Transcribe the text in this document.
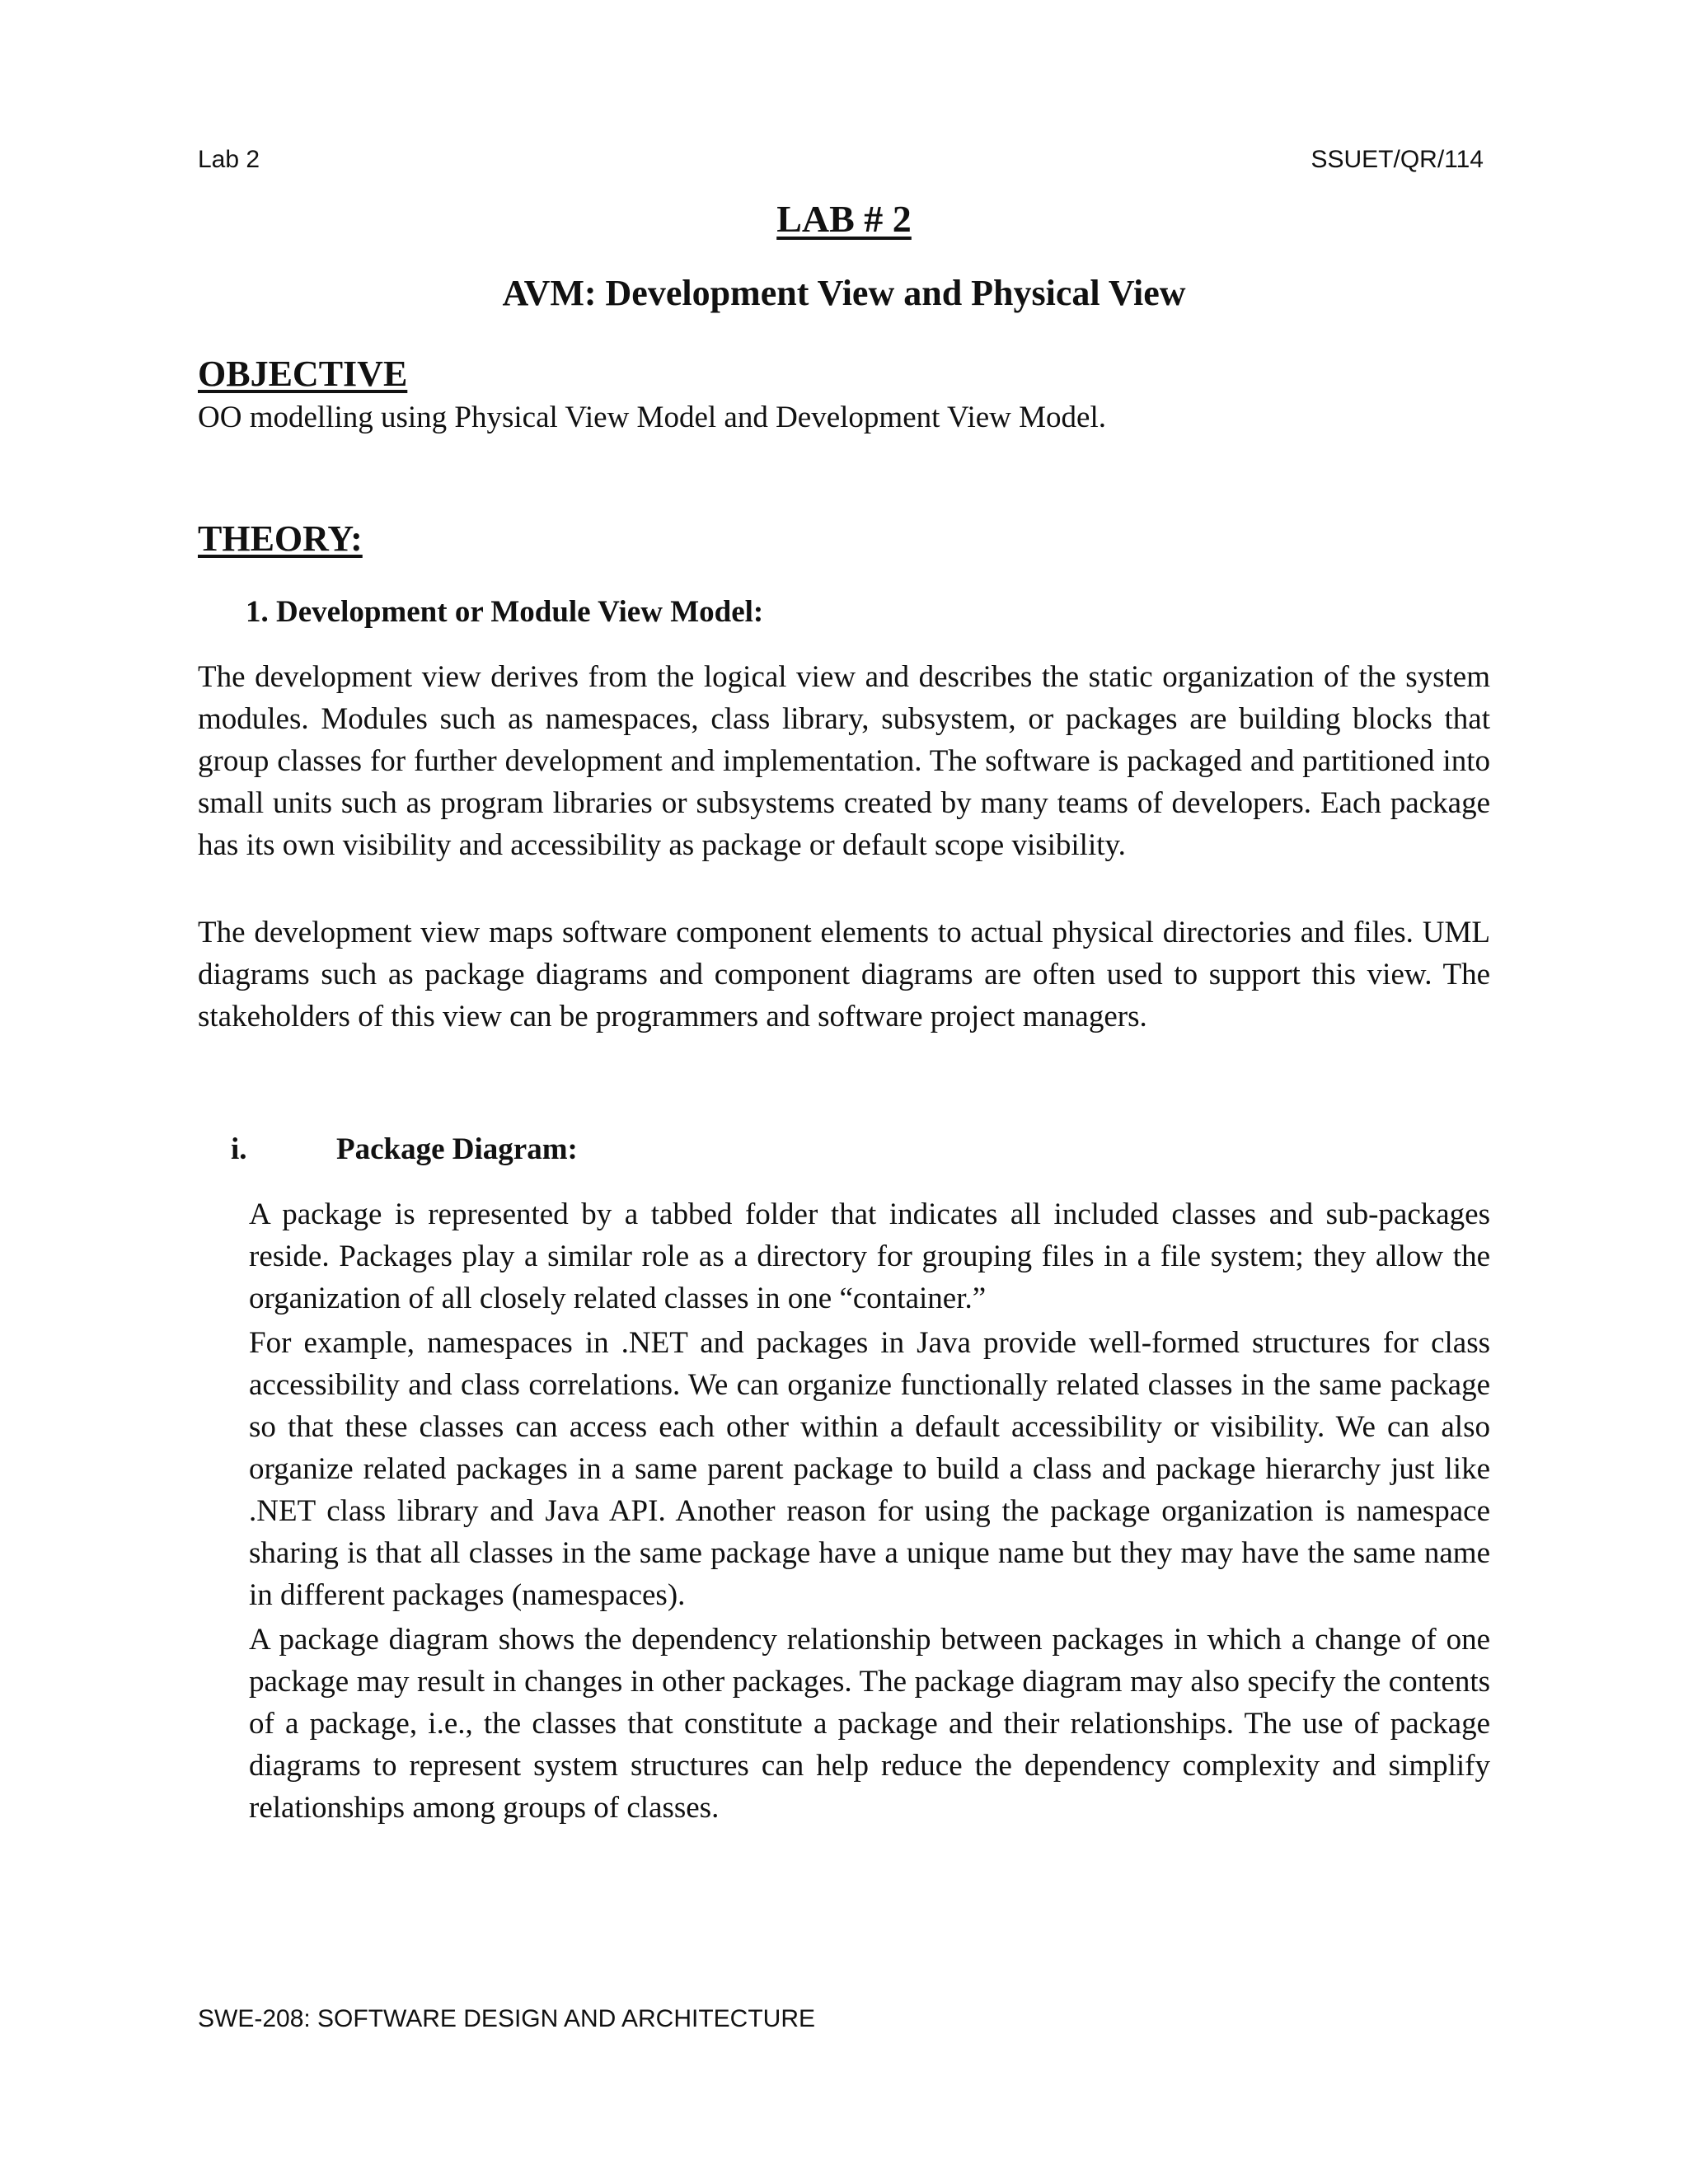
Lab 2	SSUET/QR/114
LAB # 2
AVM: Development View and Physical View
OBJECTIVE
OO modelling using Physical View Model and Development View Model.
THEORY:
1. Development or Module View Model:

The development view derives from the logical view and describes the static organization of the system modules. Modules such as namespaces, class library, subsystem, or packages are building blocks that group classes for further development and implementation. The software is packaged and partitioned into small units such as program libraries or subsystems created by many teams of developers. Each package has its own visibility and accessibility as package or default scope visibility.

The development view maps software component elements to actual physical directories and files. UML diagrams such as package diagrams and component diagrams are often used to support this view. The stakeholders of this view can be programmers and software project managers.

i.	Package Diagram:

A package is represented by a tabbed folder that indicates all included classes and sub-packages reside. Packages play a similar role as a directory for grouping files in a file system; they allow the organization of all closely related classes in one “container.”

For example, namespaces in .NET and packages in Java provide well-formed structures for class accessibility and class correlations. We can organize functionally related classes in the same package so that these classes can access each other within a default accessibility or visibility. We can also organize related packages in a same parent package to build a class and package hierarchy just like .NET class library and Java API. Another reason for using the package organization is namespace sharing is that all classes in the same package have a unique name but they may have the same name in different packages (namespaces).

A package diagram shows the dependency relationship between packages in which a change of one package may result in changes in other packages. The package diagram may also specify the contents of a package, i.e., the classes that constitute a package and their relationships. The use of package diagrams to represent system structures can help reduce the dependency complexity and simplify relationships among groups of classes.

SWE-208: SOFTWARE DESIGN AND ARCHITECTURE
